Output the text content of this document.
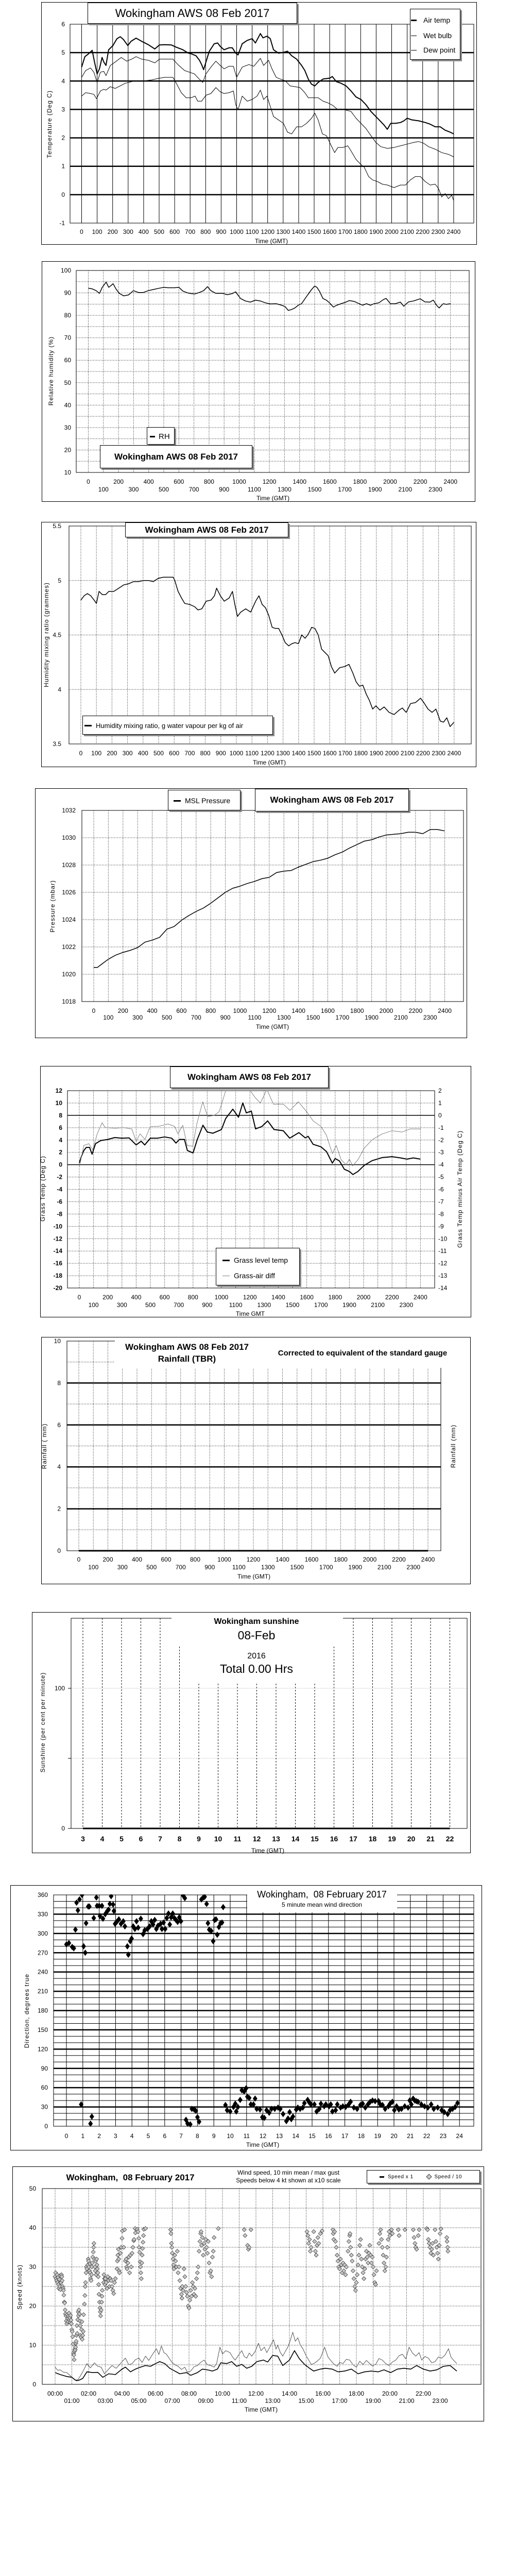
6
5
4
3
2
1
0
-1
0 100 200 300 400 500 600 700 800 900 1000 1100 1200 1300 1400 1500 1600 1700 1800 1900 2000 2100 2200 2300 2400
100
90
80
70
60
50
40
30
20
10
0
100
200
300
400
500
600
700
800
900
1000
1100
1200
1300
1400
1500
1600
1700
1800
1900
2000
2100
2200
2300
2400
5.5
5
4.5
4
3.5
0 100 200 300 400 500 600 700 800 900 1000 1100 1200 1300 1400 1500 1600 1700 1800 1900 2000 2100 2200 2300 2400
1032
1030
1028
1026
1024
1022
1020
1018
0
100
200
300
400
500
600
700
800
900
1000
1100
1200
1300
1400
1500
1600
1700
1800
1900
2000
2100
2200
2300
2400
12
10
8
6
4
2
0
-2
-4
-6
-8
-10
-12
-14
-16
-18
-20
2
1
0
-1
-2
-3
-4
-5
-6
-7
-8
-9
-10
-11
-12
-13
-14
0
100
200
300
400
500
600
700
800
900
1000
1100
1200
1300
1400
1500
1600
1700
1800
1900
2000
2100
2200
2300
2400
10
8
6
4
2
0
0
100
200
300
400
500
600
700
800
900
1000
1100
1200
1300
1400
1500
1600
1700
1800
1900
2000
2100
2200
2300
2400
100
0
3 4 5 6 7 8 9 10 11 12 13 14 15 16 17 18 19 20 21 22
360
330
300
270
240
210
180
150
120
90
60
30
0
0 1 2 3 4 5 6 7 8 9 10 11 12 13 14 15 16 17 18 19 20 21 22 23 24
50
40
30
20
10
0
00:00
01:00
02:00
03:00
04:00
05:00
06:00
07:00
08:00
09:00
10:00
11:00
12:00
13:00
14:00
15:00
16:00
17:00
18:00
19:00
20:00
21:00
22:00
23:00
Wokingham AWS 08 Feb 2017
Air temp
Wet bulb
Dew point
Temperature (Deg C)
Time (GMT)
RH
Wokingham AWS 08 Feb 2017
Relative humidity (%)
Time (GMT)
Wokingham AWS 08 Feb 2017
Humidity mixing ratio, g water vapour per kg of air
Humidity mixing ratio (grammes)
Time (GMT)
MSL Pressure	Wokingham AWS 08 Feb 2017
Pressure (mbar)
Time (GMT)
Wokingham AWS 08 Feb 2017
Grass level temp
Grass-air diff
Grass Temp (Deg C)	Grass Temp minus Air Temp (Deg C)
Time GMT
Wokingham AWS 08 Feb 2017
Rainfall (TBR)
Corrected to equivalent of the standard gauge
Rainfall ( mm)	Rainfall (mm)
Time (GMT)
Wokingham sunshine
08-Feb
2016
Total 0.00 Hrs
Sunshine (per cent per minute)
Time (GMT)
Wokingham,  08 February 2017
5 minute mean wind direction
Direction, degrees true
Time (GMT)
Wokingham,  08 February 2017	Wind speed, 10 min mean / max gust
Speeds below 4 kt shown at x10 scale	Speed x 1	Speed / 10
Speed (knots)
Time (GMT)
